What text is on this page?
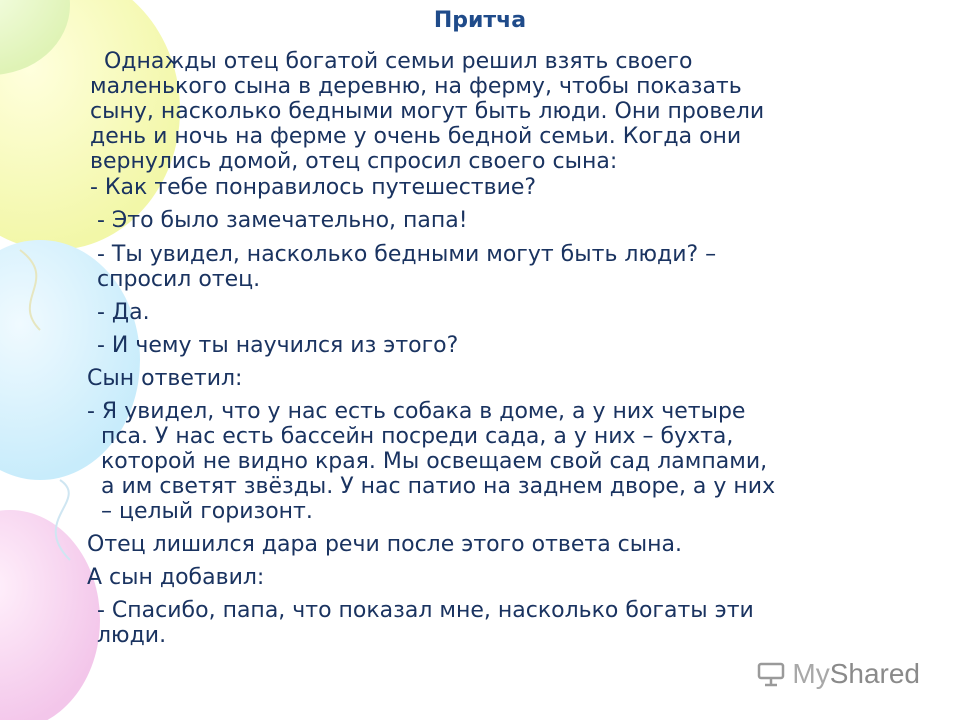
Притча

Однажды отец богатой семьи решил взять своего
маленького сына в деревню, на ферму, чтобы показать
сыну, насколько бедными могут быть люди. Они провели
день и ночь на ферме у очень бедной семьи. Когда они
вернулись домой, отец спросил своего сына:

- Как тебе понравилось путешествие?

- Это было замечательно, папа!

- Ты увидел, насколько бедными могут быть люди? –
спросил отец.

- Да.

- И чему ты научился из этого?

Сын ответил:

- Я увидел, что у нас есть собака в доме, а у них четыре
пса. У нас есть бассейн посреди сада, а у них – бухта,
которой не видно края. Мы освещаем свой сад лампами,
а им светят звёзды. У нас патио на заднем дворе, а у них
– целый горизонт.

Отец лишился дара речи после этого ответа сына.

А сын добавил:

- Спасибо, папа, что показал мне, насколько богаты эти
люди.

MyShared
